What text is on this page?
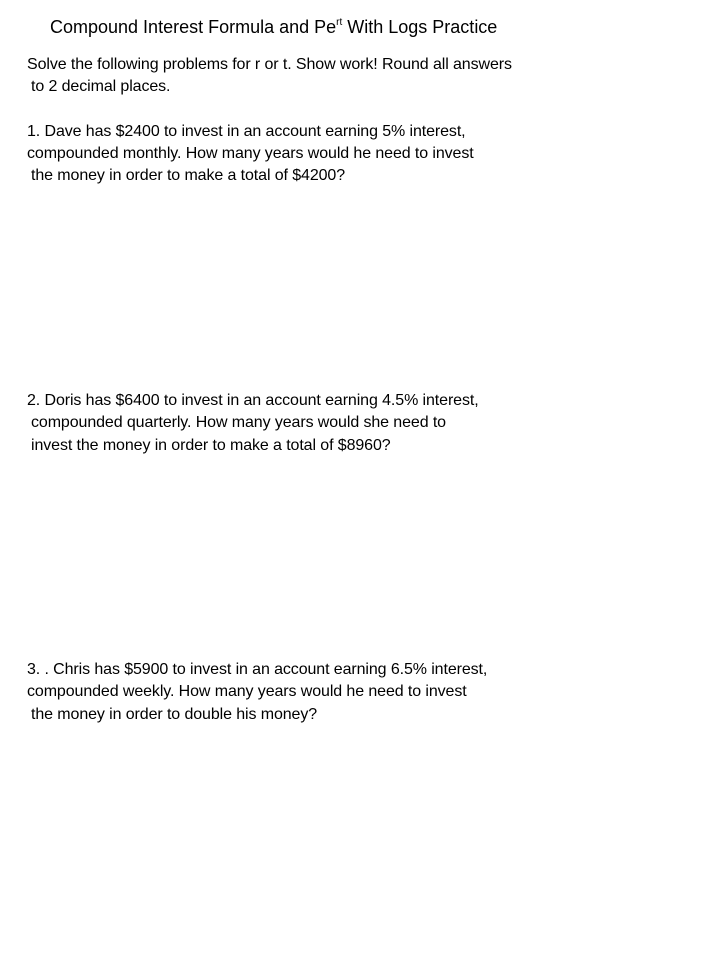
Compound Interest Formula and $Pe^{rt}$ With Logs Practice
Solve the following problems for r or t. Show work! Round all answers
to 2 decimal places.
1. Dave has $2400 to invest in an account earning 5% interest,
compounded monthly. How many years would he need to invest
the money in order to make a total of $4200?
2. Doris has $6400 to invest in an account earning 4.5% interest,
compounded quarterly. How many years would she need to
invest the money in order to make a total of $8960?
3. . Chris has $5900 to invest in an account earning 6.5% interest,
compounded weekly. How many years would he need to invest
the money in order to double his money?
